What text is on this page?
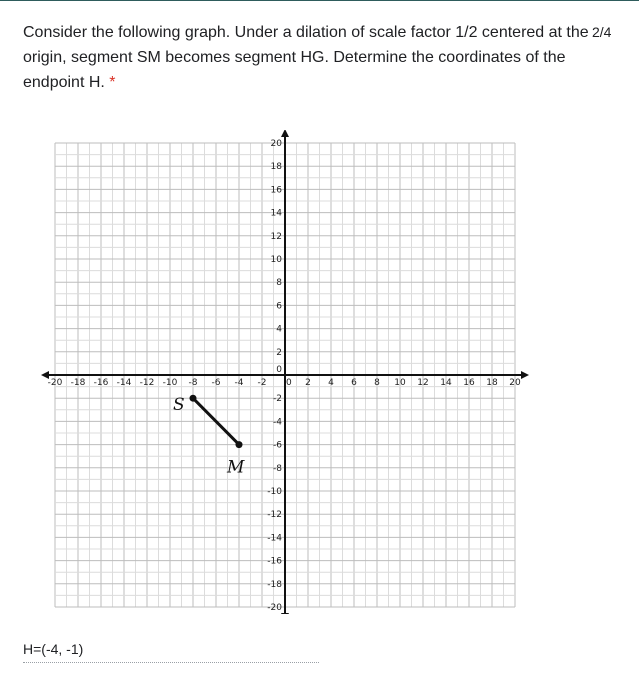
Consider the following graph. Under a dilation of scale factor 1/2 centered at the origin, segment SM becomes segment HG. Determine the coordinates of the endpoint H. *
2/4
-20 -18 -16 -14 -12 -10 -8 -6 -4 -2 0 2 4 6 8 10 12 14 16 18 20
20
18
16
14
12
10
8
6
4
2
0
-2
-4
-6
-8
-10
-12
-14
-16
-18
-20
S
M
H=(-4, -1)
